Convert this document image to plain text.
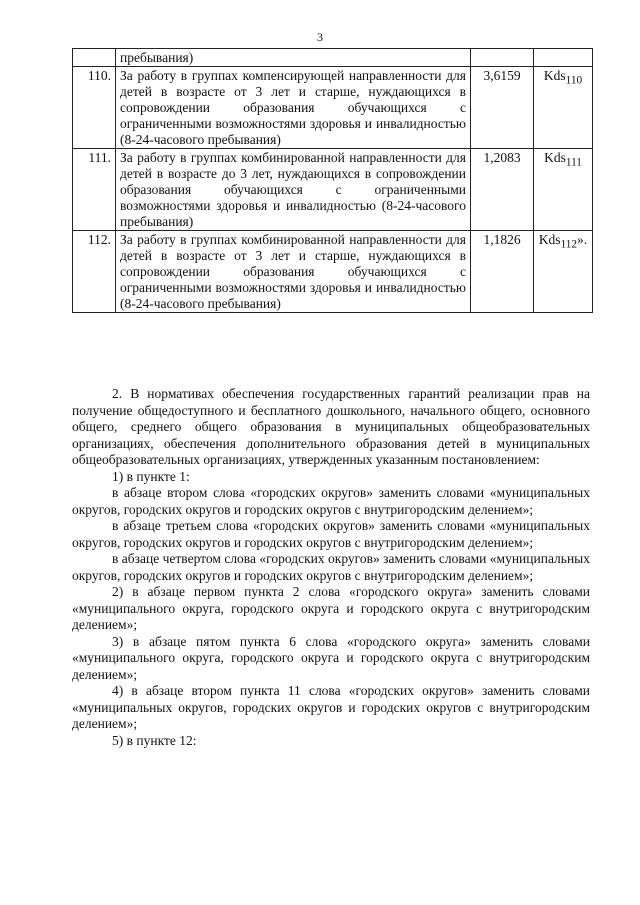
3
	пребывания)		
110.	За работу в группах компенсирующей направленности для детей в возрасте от 3 лет и старше, нуждающихся в сопровождении образования обучающихся с ограниченными возможностями здоровья и инвалидностью (8-24-часового пребывания)	3,6159	Kds$_{110}$
111.	За работу в группах комбинированной направленности для детей в возрасте до 3 лет, нуждающихся в сопровождении образования обучающихся с ограниченными возможностями здоровья и инвалидностью (8-24-часового пребывания)	1,2083	Kds$_{111}$
112.	За работу в группах комбинированной направленности для детей в возрасте от 3 лет и старше, нуждающихся в сопровождении образования обучающихся с ограниченными возможностями здоровья и инвалидностью (8-24-часового пребывания)	1,1826	Kds$_{112}$».

2. В нормативах обеспечения государственных гарантий реализации прав на получение общедоступного и бесплатного дошкольного, начального общего, основного общего, среднего общего образования в муниципальных общеобразовательных организациях, обеспечения дополнительного образования детей в муниципальных общеобразовательных организациях, утвержденных указанным постановлением:

1) в пункте 1:

в абзаце втором слова «городских округов» заменить словами «муниципальных округов, городских округов и городских округов с внутригородским делением»;

в абзаце третьем слова «городских округов» заменить словами «муниципальных округов, городских округов и городских округов с внутригородским делением»;

в абзаце четвертом слова «городских округов» заменить словами «муниципальных округов, городских округов и городских округов с внутригородским делением»;

2) в абзаце первом пункта 2 слова «городского округа» заменить словами «муниципального округа, городского округа и городского округа с внутригородским делением»;

3) в абзаце пятом пункта 6 слова «городского округа» заменить словами «муниципального округа, городского округа и городского округа с внутригородским делением»;

4) в абзаце втором пункта 11 слова «городских округов» заменить словами «муниципальных округов, городских округов и городских округов с внутригородским делением»;

5) в пункте 12:
